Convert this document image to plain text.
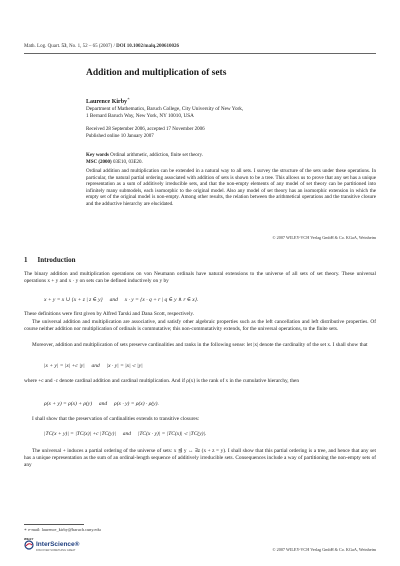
Math. Log. Quart. 53, No. 1, 52 – 65 (2007) / DOI 10.1002/malq.200610026
Addition and multiplication of sets
Laurence Kirby∗
Department of Mathematics, Baruch College, City University of New York,
1 Bernard Baruch Way, New York, NY 10010, USA
Received 28 September 2006, accepted 17 November 2006
Published online 10 January 2007
Key words Ordinal arithmetic, addiction, finite set theory.
MSC (2000) 03E10, 03E20.
Ordinal addition and multiplication can be extended in a natural way to all sets. I survey the structure of the sets under these operations. In particular, the natural partial ordering associated with addition of sets is shown to be a tree. This allows us to prove that any set has a unique representation as a sum of additively irreducible sets, and that the non-empty elements of any model of set theory can be partitioned into infinitely many submodels, each isomorphic to the original model. Also any model of set theory has an isomorphic extension in which the empty set of the original model is non-empty. Among other results, the relation between the arithmetical operations and the transitive closure and the adductive hierarchy are elucidated.
© 2007 WILEY-VCH Verlag GmbH & Co. KGaA, Weinheim
1 Introduction
The binary addition and multiplication operations on von Neumann ordinals have natural extensions to the universe of all sets of set theory. These universal operations x + y and x · y on sets can be defined inductively on y by
x + y = x ∪ {x + z | z ∈ y}     and     x · y = {x · q + r | q ∈ y ∧ r ∈ x}.
These definitions were first given by Alfred Tarski and Dana Scott, respectively.
The universal addition and multiplication are associative, and satisfy other algebraic properties such as the left cancellation and left distributive properties. Of course neither addition nor multiplication of ordinals is commutative; this non-commutativity extends, for the universal operations, to the finite sets.
Moreover, addition and multiplication of sets preserve cardinalities and ranks in the following sense: let |x| denote the cardinality of the set x. I shall show that
|x + y| = |x| +c |y|     and     |x · y| = |x| ·c |y|
where +c and ·c denote cardinal addition and cardinal multiplication. And if ρ(x) is the rank of x in the cumulative hierarchy, then
ρ(x + y) = ρ(x) + ρ(y)     and     ρ(x · y) = ρ(x) · ρ(y).
I shall show that the preservation of cardinalities extends to transitive closures:
|TC(x + y)| = |TC(x)| +c |TC(y)|     and     |TC(x · y)| = |TC(x)| ·c |TC(y)|.
The universal + induces a partial ordering of the universe of sets: x ⊴ y ↔ ∃z (x + z = y). I shall show that this partial ordering is a tree, and hence that any set has a unique representation as the sum of an ordinal-length sequence of additively irreducible sets. Consequences include a way of partitioning the non-empty sets of any
∗ e-mail: laurence_kirby@baruch.cuny.edu
WILEY
InterScience®
DISCOVER SOMETHING GREAT	© 2007 WILEY-VCH Verlag GmbH & Co. KGaA, Weinheim
